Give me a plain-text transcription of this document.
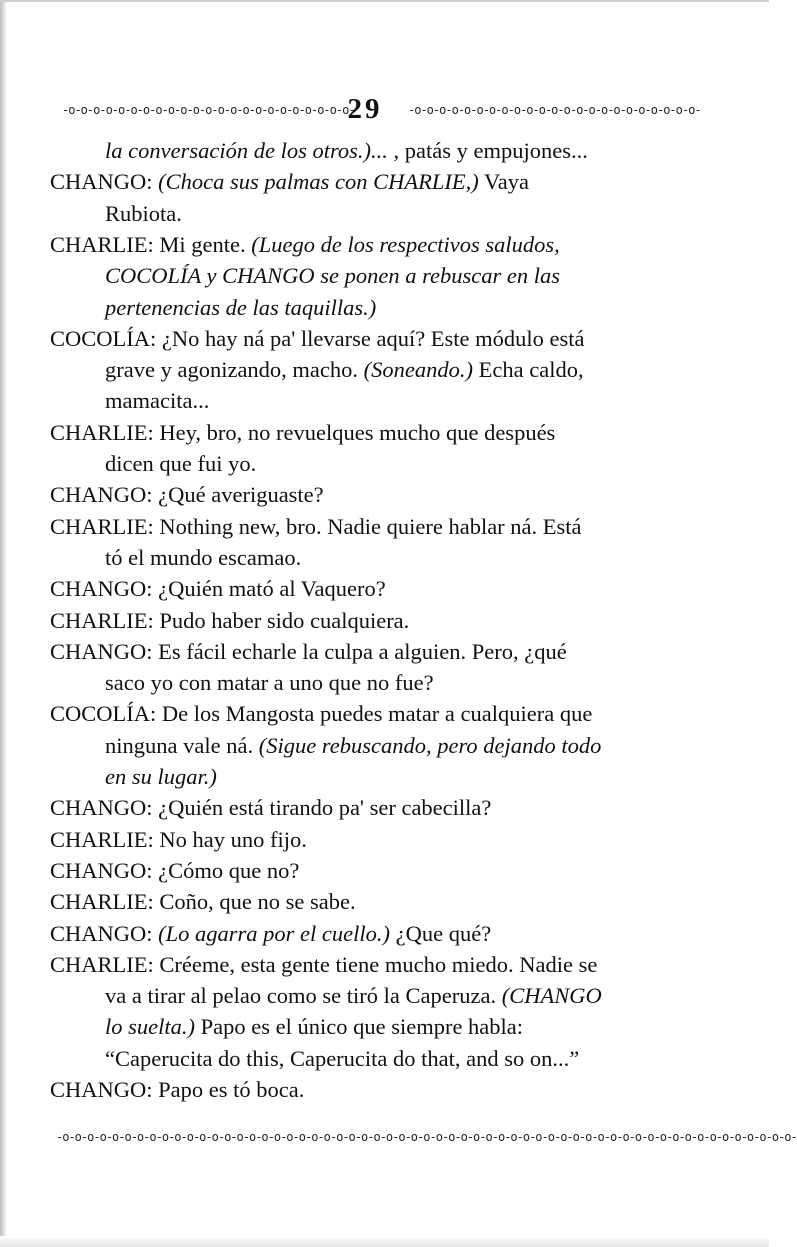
-o-o-o-o-o-o-o-o-o-o-o-o-o-o-o-o-o-o-o-o-o-o-o-
29	-o-o-o-o-o-o-o-o-o-o-o-o-o-o-o-o-o-o-o-o-o-o-o-
la conversación de los otros.)... , patás y empujones...
CHANGO: (Choca sus palmas con CHARLIE,) Vaya
Rubiota.
CHARLIE: Mi gente. (Luego de los respectivos saludos,
COCOLÍA y CHANGO se ponen a rebuscar en las
pertenencias de las taquillas.)
COCOLÍA: ¿No hay ná pa' llevarse aquí? Este módulo está
grave y agonizando, macho. (Soneando.) Echa caldo,
mamacita...
CHARLIE: Hey, bro, no revuelques mucho que después
dicen que fui yo.
CHANGO: ¿Qué averiguaste?
CHARLIE: Nothing new, bro. Nadie quiere hablar ná. Está
tó el mundo escamao.
CHANGO: ¿Quién mató al Vaquero?
CHARLIE: Pudo haber sido cualquiera.
CHANGO: Es fácil echarle la culpa a alguien. Pero, ¿qué
saco yo con matar a uno que no fue?
COCOLÍA: De los Mangosta puedes matar a cualquiera que
ninguna vale ná. (Sigue rebuscando, pero dejando todo
en su lugar.)
CHANGO: ¿Quién está tirando pa' ser cabecilla?
CHARLIE: No hay uno fijo.
CHANGO: ¿Cómo que no?
CHARLIE: Coño, que no se sabe.
CHANGO: (Lo agarra por el cuello.) ¿Que qué?
CHARLIE: Créeme, esta gente tiene mucho miedo. Nadie se
va a tirar al pelao como se tiró la Caperuza. (CHANGO
lo suelta.) Papo es el único que siempre habla:
“Caperucita do this, Caperucita do that, and so on...”
CHANGO: Papo es tó boca.
-o-o-o-o-o-o-o-o-o-o-o-o-o-o-o-o-o-o-o-o-o-o-o-o-o-o-o-o-o-o-o-o-o-o-o-o-o-o-o-o-o-o-o-o-o-o-o-o-o-o-o-o-o-o-o-o-o-o-o-
